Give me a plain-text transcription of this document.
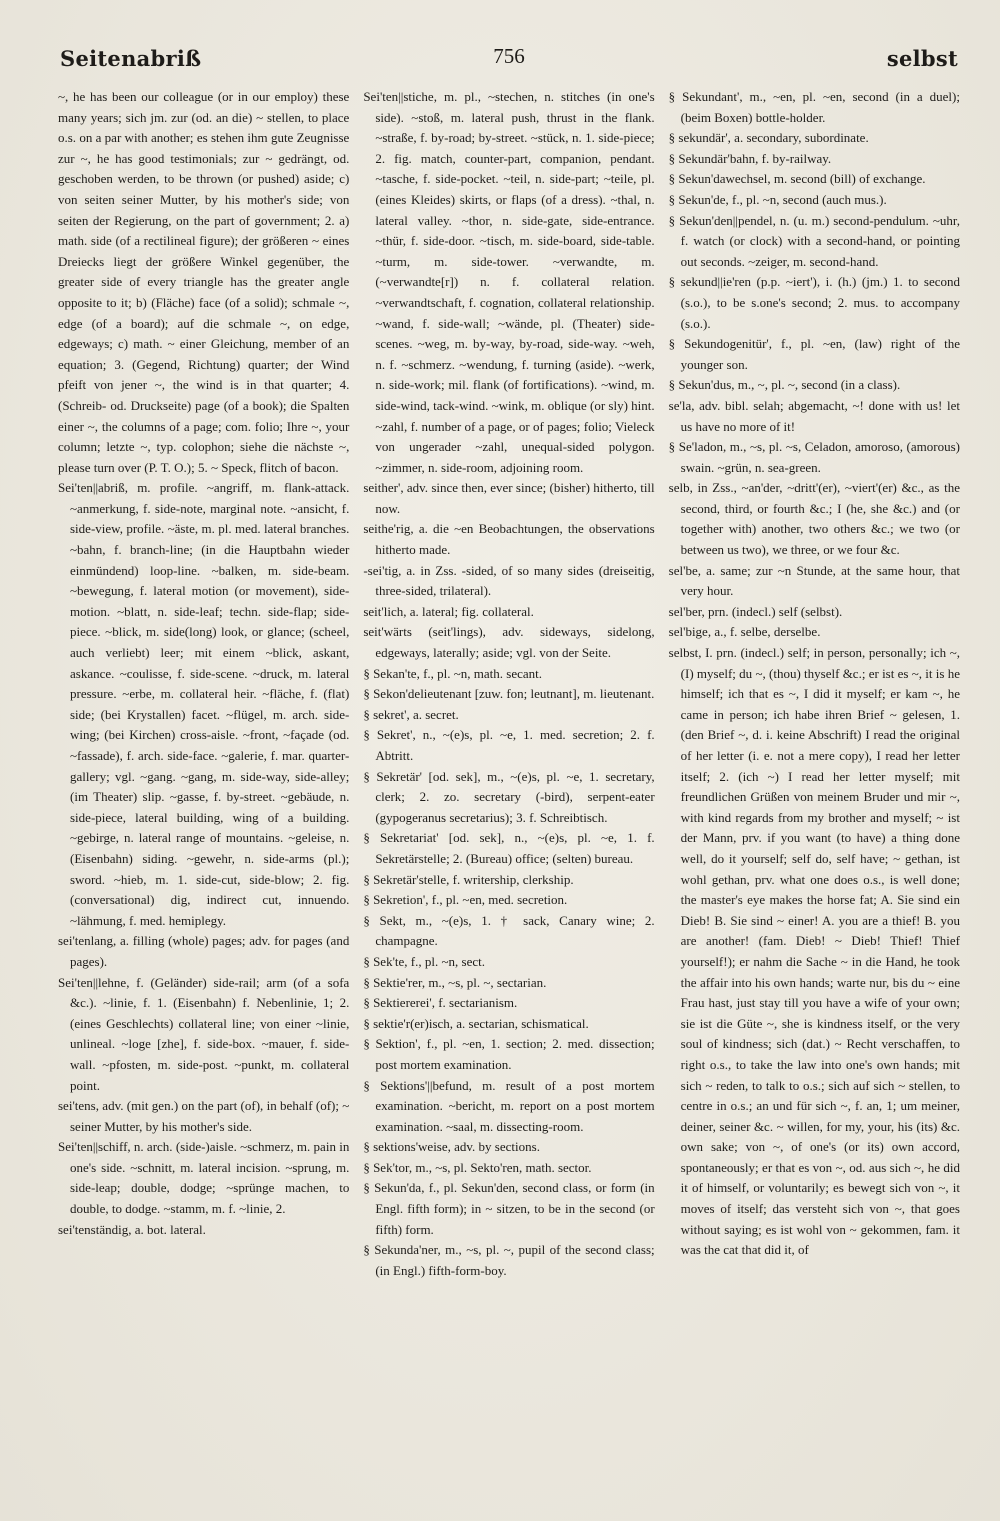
Seitenabriß	756	selbst

~, he has been our colleague (or in our employ) these many years; sich jm. zur (od. an die) ~ stellen, to place o.s. on a par with another; es stehen ihm gute Zeugnisse zur ~, he has good testimonials; zur ~ gedrängt, od. geschoben werden, to be thrown (or pushed) aside; c) von seiten seiner Mutter, by his mother's side; von seiten der Regierung, on the part of government; 2. a) math. side (of a rectilineal figure); der größeren ~ eines Dreiecks liegt der größere Winkel gegenüber, the greater side of every triangle has the greater angle opposite to it; b) (Fläche) face (of a solid); schmale ~, edge (of a board); auf die schmale ~, on edge, edgeways; c) math. ~ einer Gleichung, member of an equation; 3. (Gegend, Richtung) quarter; der Wind pfeift von jener ~, the wind is in that quarter; 4. (Schreib- od. Druckseite) page (of a book); die Spalten einer ~, the columns of a page; com. folio; Ihre ~, your column; letzte ~, typ. colophon; siehe die nächste ~, please turn over (P. T. O.); 5. ~ Speck, flitch of bacon.

Sei'ten||abriß, m. profile. ~angriff, m. flank-attack. ~anmerkung, f. side-note, marginal note. ~ansicht, f. side-view, profile. ~äste, m. pl. med. lateral branches. ~bahn, f. branch-line; (in die Hauptbahn wieder einmündend) loop-line. ~balken, m. side-beam. ~bewegung, f. lateral motion (or movement), side-motion. ~blatt, n. side-leaf; techn. side-flap; side-piece. ~blick, m. side(long) look, or glance; (scheel, auch verliebt) leer; mit einem ~blick, askant, askance. ~coulisse, f. side-scene. ~druck, m. lateral pressure. ~erbe, m. collateral heir. ~fläche, f. (flat) side; (bei Krystallen) facet. ~flügel, m. arch. side-wing; (bei Kirchen) cross-aisle. ~front, ~façade (od. ~fassade), f. arch. side-face. ~galerie, f. mar. quarter-gallery; vgl. ~gang. ~gang, m. side-way, side-alley; (im Theater) slip. ~gasse, f. by-street. ~gebäude, n. side-piece, lateral building, wing of a building. ~gebirge, n. lateral range of mountains. ~geleise, n. (Eisenbahn) siding. ~gewehr, n. side-arms (pl.); sword. ~hieb, m. 1. side-cut, side-blow; 2. fig. (conversational) dig, indirect cut, innuendo. ~lähmung, f. med. hemiplegy.

sei'tenlang, a. filling (whole) pages; adv. for pages (and pages).

Sei'ten||lehne, f. (Geländer) side-rail; arm (of a sofa &c.). ~linie, f. 1. (Eisenbahn) f. Nebenlinie, 1; 2. (eines Geschlechts) collateral line; von einer ~linie, unlineal. ~loge [zhe], f. side-box. ~mauer, f. side-wall. ~pfosten, m. side-post. ~punkt, m. collateral point.

sei'tens, adv. (mit gen.) on the part (of), in behalf (of); ~ seiner Mutter, by his mother's side.

Sei'ten||schiff, n. arch. (side-)aisle. ~schmerz, m. pain in one's side. ~schnitt, m. lateral incision. ~sprung, m. side-leap; double, dodge; ~sprünge machen, to double, to dodge. ~stamm, m. f. ~linie, 2.

sei'tenständig, a. bot. lateral.

Sei'ten||stiche, m. pl., ~stechen, n. stitches (in one's side). ~stoß, m. lateral push, thrust in the flank. ~straße, f. by-road; by-street. ~stück, n. 1. side-piece; 2. fig. match, counter-part, companion, pendant. ~tasche, f. side-pocket. ~teil, n. side-part; ~teile, pl. (eines Kleides) skirts, or flaps (of a dress). ~thal, n. lateral valley. ~thor, n. side-gate, side-entrance. ~thür, f. side-door. ~tisch, m. side-board, side-table. ~turm, m. side-tower. ~verwandte, m. (~verwandte[r]) n. f. collateral relation. ~verwandtschaft, f. cognation, collateral relationship. ~wand, f. side-wall; ~wände, pl. (Theater) side-scenes. ~weg, m. by-way, by-road, side-way. ~weh, n. f. ~schmerz. ~wendung, f. turning (aside). ~werk, n. side-work; mil. flank (of fortifications). ~wind, m. side-wind, tack-wind. ~wink, m. oblique (or sly) hint. ~zahl, f. number of a page, or of pages; folio; Vieleck von ungerader ~zahl, unequal-sided polygon. ~zimmer, n. side-room, adjoining room.

seither', adv. since then, ever since; (bisher) hitherto, till now.

seithe'rig, a. die ~en Beobachtungen, the observations hitherto made.

-sei'tig, a. in Zss. -sided, of so many sides (dreiseitig, three-sided, trilateral).

seit'lich, a. lateral; fig. collateral.

seit'wärts (seit'lings), adv. sideways, sidelong, edgeways, laterally; aside; vgl. von der Seite.

§ Sekan'te, f., pl. ~n, math. secant.

§ Sekon'delieutenant [zuw. fon; leutnant], m. lieutenant.

§ sekret', a. secret.

§ Sekret', n., ~(e)s, pl. ~e, 1. med. secretion; 2. f. Abtritt.

§ Sekretär' [od. sek], m., ~(e)s, pl. ~e, 1. secretary, clerk; 2. zo. secretary (-bird), serpent-eater (gypogeranus secretarius); 3. f. Schreibtisch.

§ Sekretariat' [od. sek], n., ~(e)s, pl. ~e, 1. f. Sekretärstelle; 2. (Bureau) office; (selten) bureau.

§ Sekretär'stelle, f. writership, clerkship.

§ Sekretion', f., pl. ~en, med. secretion.

§ Sekt, m., ~(e)s, 1. † sack, Canary wine; 2. champagne.

§ Sek'te, f., pl. ~n, sect.

§ Sektie'rer, m., ~s, pl. ~, sectarian.

§ Sektiererei', f. sectarianism.

§ sektie'r(er)isch, a. sectarian, schismatical.

§ Sektion', f., pl. ~en, 1. section; 2. med. dissection; post mortem examination.

§ Sektions'||befund, m. result of a post mortem examination. ~bericht, m. report on a post mortem examination. ~saal, m. dissecting-room.

§ sektions'weise, adv. by sections.

§ Sek'tor, m., ~s, pl. Sekto'ren, math. sector.

§ Sekun'da, f., pl. Sekun'den, second class, or form (in Engl. fifth form); in ~ sitzen, to be in the second (or fifth) form.

§ Sekunda'ner, m., ~s, pl. ~, pupil of the second class; (in Engl.) fifth-form-boy.

§ Sekundant', m., ~en, pl. ~en, second (in a duel); (beim Boxen) bottle-holder.

§ sekundär', a. secondary, subordinate.

§ Sekundär'bahn, f. by-railway.

§ Sekun'dawechsel, m. second (bill) of exchange.

§ Sekun'de, f., pl. ~n, second (auch mus.).

§ Sekun'den||pendel, n. (u. m.) second-pendulum. ~uhr, f. watch (or clock) with a second-hand, or pointing out seconds. ~zeiger, m. second-hand.

§ sekund||ie'ren (p.p. ~iert'), i. (h.) (jm.) 1. to second (s.o.), to be s.one's second; 2. mus. to accompany (s.o.).

§ Sekundogenitür', f., pl. ~en, (law) right of the younger son.

§ Sekun'dus, m., ~, pl. ~, second (in a class).

se'la, adv. bibl. selah; abgemacht, ~! done with us! let us have no more of it!

§ Se'ladon, m., ~s, pl. ~s, Celadon, amoroso, (amorous) swain. ~grün, n. sea-green.

selb, in Zss., ~an'der, ~dritt'(er), ~viert'(er) &c., as the second, third, or fourth &c.; I (he, she &c.) and (or together with) another, two others &c.; we two (or between us two), we three, or we four &c.

sel'be, a. same; zur ~n Stunde, at the same hour, that very hour.

sel'ber, prn. (indecl.) self (selbst).

sel'bige, a., f. selbe, derselbe.

selbst, I. prn. (indecl.) self; in person, personally; ich ~, (I) myself; du ~, (thou) thyself &c.; er ist es ~, it is he himself; ich that es ~, I did it myself; er kam ~, he came in person; ich habe ihren Brief ~ gelesen, 1. (den Brief ~, d. i. keine Abschrift) I read the original of her letter (i. e. not a mere copy), I read her letter itself; 2. (ich ~) I read her letter myself; mit freundlichen Grüßen von meinem Bruder und mir ~, with kind regards from my brother and myself; ~ ist der Mann, prv. if you want (to have) a thing done well, do it yourself; self do, self have; ~ gethan, ist wohl gethan, prv. what one does o.s., is well done; the master's eye makes the horse fat; A. Sie sind ein Dieb! B. Sie sind ~ einer! A. you are a thief! B. you are another! (fam. Dieb! ~ Dieb! Thief! Thief yourself!); er nahm die Sache ~ in die Hand, he took the affair into his own hands; warte nur, bis du ~ eine Frau hast, just stay till you have a wife of your own; sie ist die Güte ~, she is kindness itself, or the very soul of kindness; sich (dat.) ~ Recht verschaffen, to right o.s., to take the law into one's own hands; mit sich ~ reden, to talk to o.s.; sich auf sich ~ stellen, to centre in o.s.; an und für sich ~, f. an, 1; um meiner, deiner, seiner &c. ~ willen, for my, your, his (its) &c. own sake; von ~, of one's (or its) own accord, spontaneously; er that es von ~, od. aus sich ~, he did it of himself, or voluntarily; es bewegt sich von ~, it moves of itself; das versteht sich von ~, that goes without saying; es ist wohl von ~ gekommen, fam. it was the cat that did it, of
